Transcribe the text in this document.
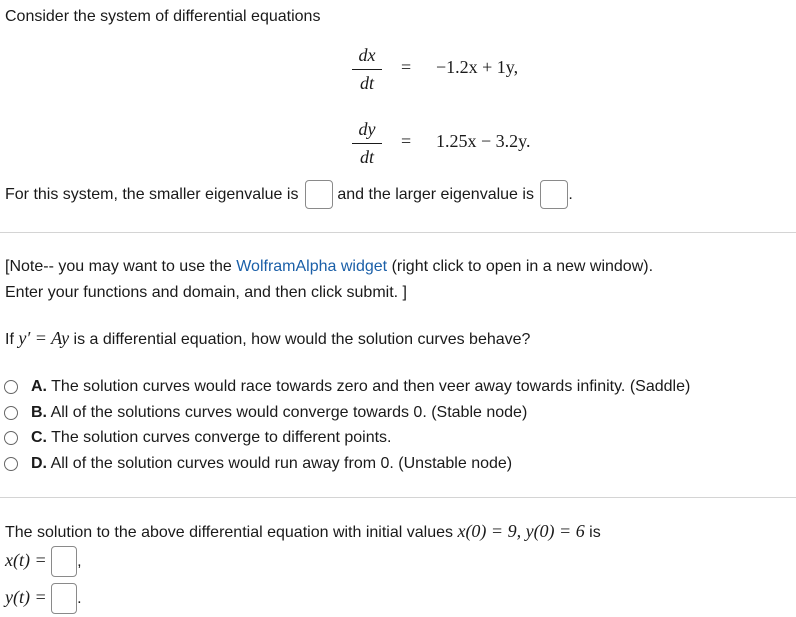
Consider the system of differential equations
dx
dt
= −1.2x + 1y,
dy
dt
= 1.25x − 3.2y.
For this system, the smaller eigenvalue is and the larger eigenvalue is .
[Note-- you may want to use the WolframAlpha widget (right click to open in a new window).
Enter your functions and domain, and then click submit. ]
If y′ = Ay is a differential equation, how would the solution curves behave?
A. The solution curves would race towards zero and then veer away towards infinity. (Saddle)
B. All of the solutions curves would converge towards 0. (Stable node)
C. The solution curves converge to different points.
D. All of the solution curves would run away from 0. (Unstable node)
The solution to the above differential equation with initial values x(0) = 9, y(0) = 6 is
x(t) = ,
y(t) = .
